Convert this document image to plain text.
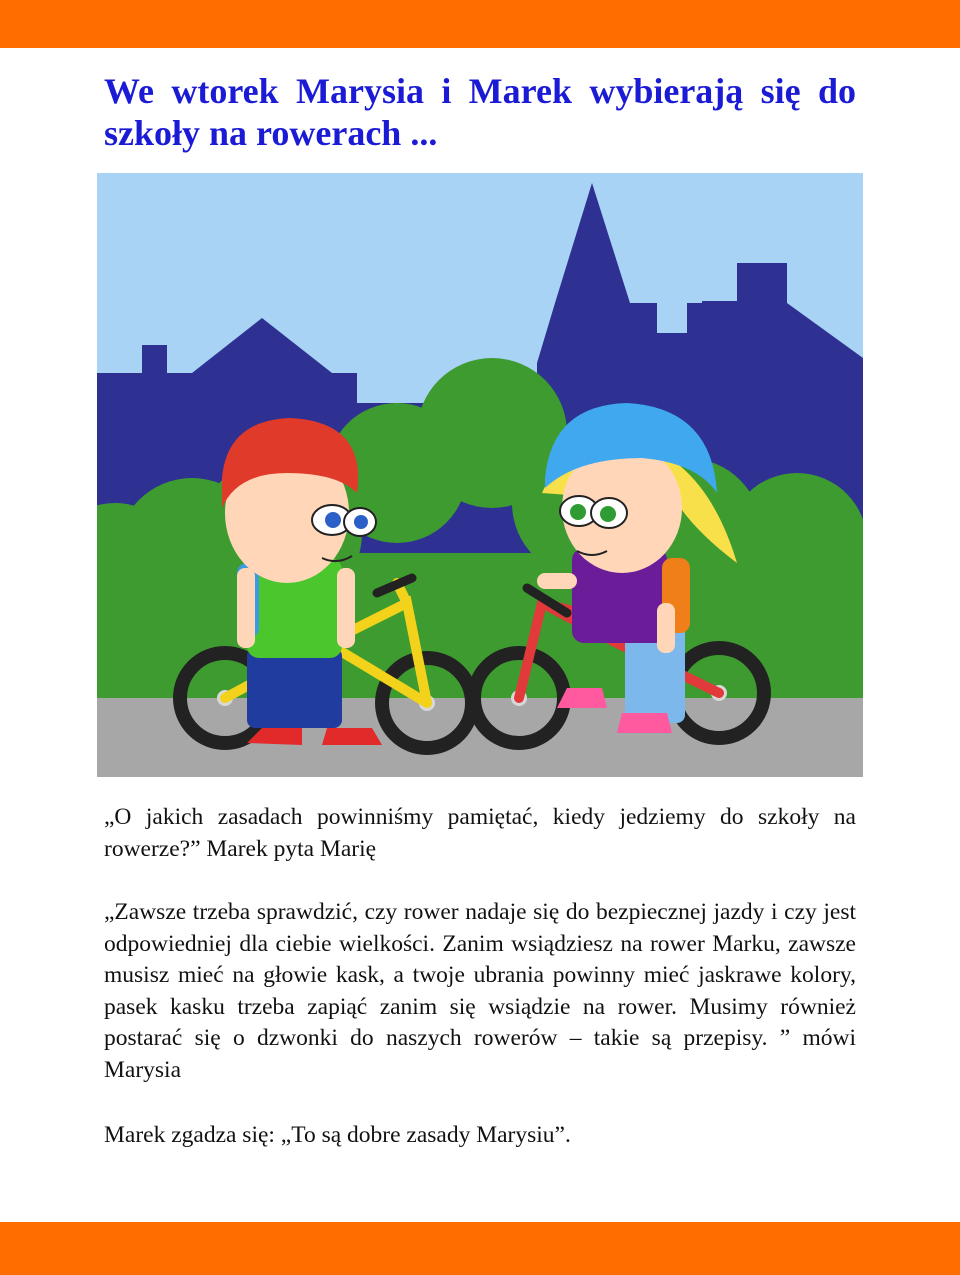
We wtorek Marysia i Marek wybierają się do szkoły na rowerach ...

„O jakich zasadach powinniśmy pamiętać, kiedy jedziemy do szkoły na rowerze?” Marek pyta Marię

„Zawsze trzeba sprawdzić, czy rower nadaje się do bezpiecznej jazdy i czy jest odpowiedniej dla ciebie wielkości. Zanim wsiądziesz na rower Marku, zawsze musisz mieć na głowie kask, a twoje ubrania powinny mieć jaskrawe kolory, pasek kasku trzeba zapiąć zanim się wsiądzie na rower. Musimy również postarać się o dzwonki do naszych rowerów – takie są przepisy. ” mówi Marysia

Marek zgadza się: „To są dobre zasady Marysiu”.
